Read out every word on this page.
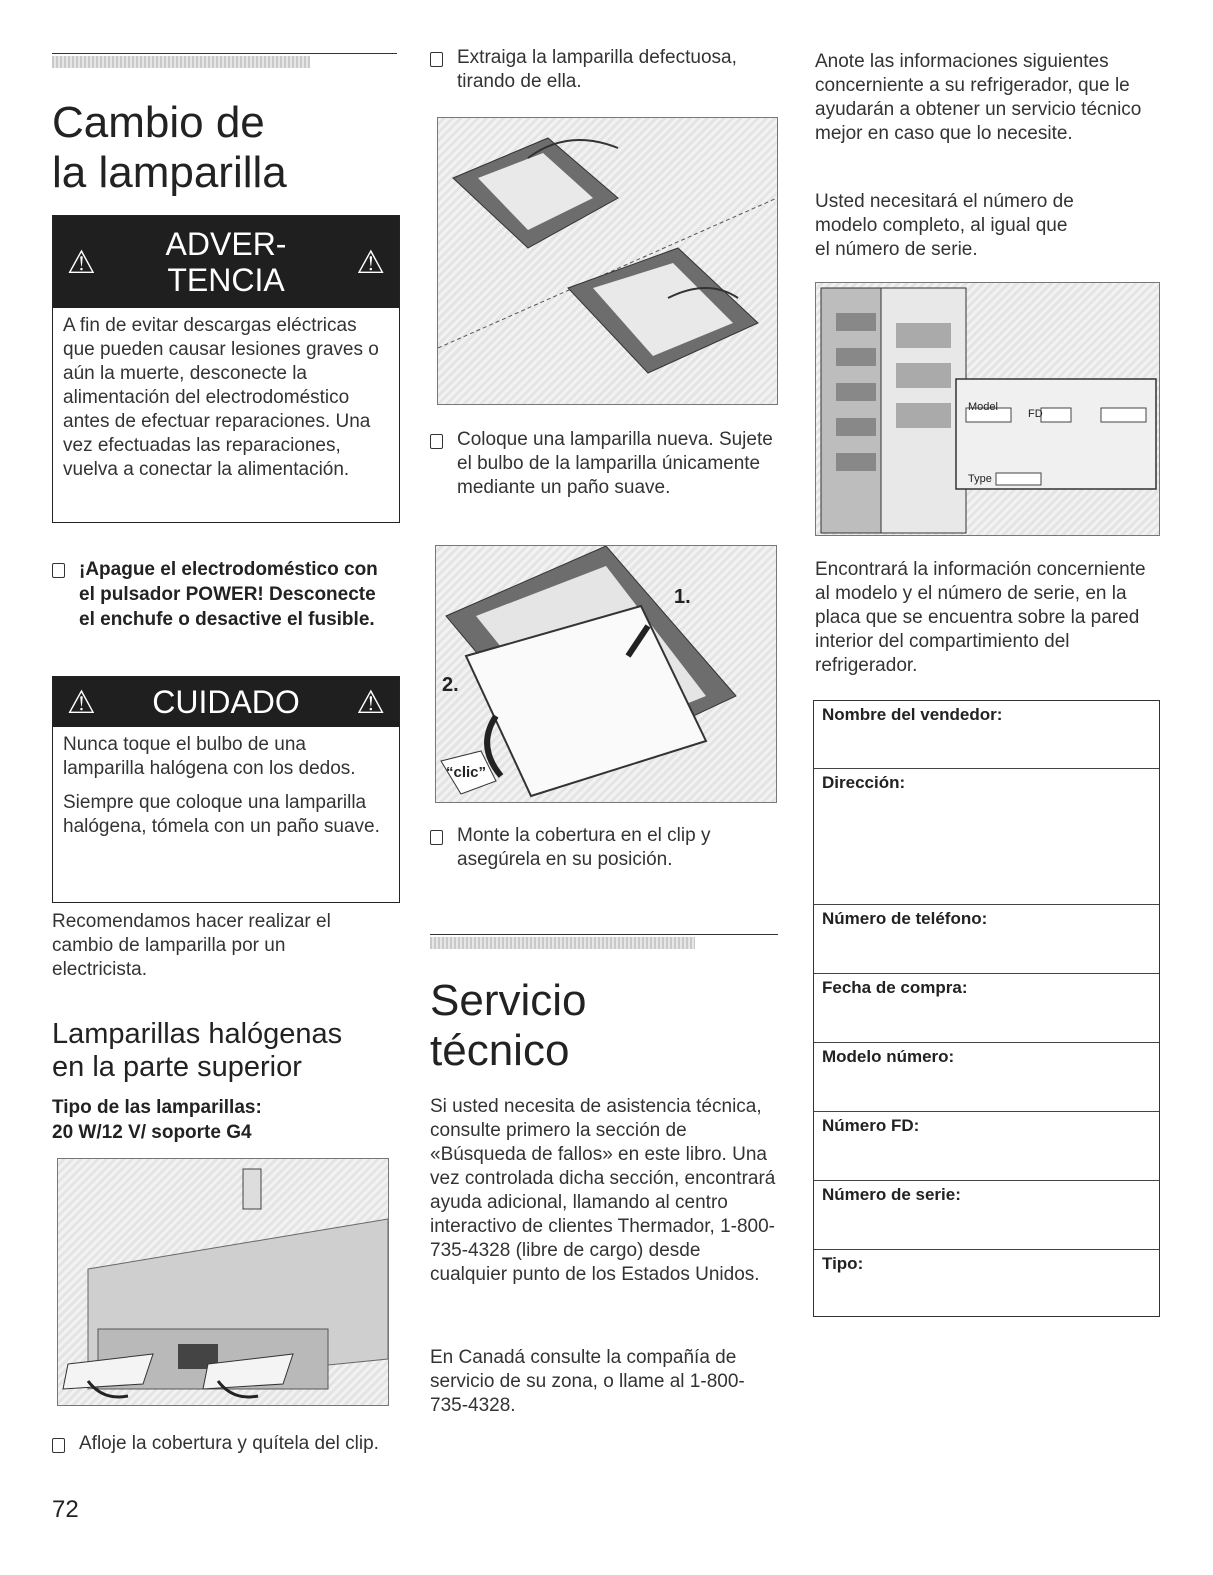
Cambio de
la lamparilla
⚠	ADVER-
TENCIA	⚠
A fin de evitar descargas eléctricas que pueden causar lesiones graves o aún la muerte, desconecte la alimentación del electrodoméstico antes de efectuar reparaciones. Una vez efectuadas las reparaciones, vuelva a conectar la alimentación.
¡Apague el electrodoméstico con el pulsador POWER! Desconecte el enchufe o desactive el fusible.
⚠	CUIDADO	⚠
Nunca toque el bulbo de una lamparilla halógena con los dedos.
Siempre que coloque una lamparilla halógena, tómela con un paño suave.
Recomendamos hacer realizar el cambio de lamparilla por un electricista.
Lamparillas halógenas
en la parte superior
Tipo de las lamparillas:
20 W/12 V/ soporte G4
Afloje la cobertura y quítela del clip.
72
Extraiga la lamparilla defectuosa, tirando de ella.
Coloque una lamparilla nueva. Sujete el bulbo de la lamparilla únicamente mediante un paño suave.
1.
2.
“clic”
Monte la cobertura en el clip y asegúrela en su posición.
Servicio
técnico
Si usted necesita de asistencia técnica, consulte primero la sección de «Búsqueda de fallos» en este libro. Una vez controlada dicha sección, encontrará ayuda adicional, llamando al centro interactivo de clientes Thermador, 1-800-735-4328 (libre de cargo) desde cualquier punto de los Estados Unidos.
En Canadá consulte la compañía de servicio de su zona, o llame al 1-800-735-4328.
Anote las informaciones siguientes concerniente a su refrigerador, que le ayudarán a obtener un servicio técnico mejor en caso que lo necesite.
Usted necesitará el número de modelo completo, al igual que el número de serie.
Model
FD
Type
Encontrará la información concerniente al modelo y el número de serie, en la placa que se encuentra sobre la pared interior del compartimiento del refrigerador.
Nombre del vendedor:
Dirección:
Número de teléfono:
Fecha de compra:
Modelo número:
Número FD:
Número de serie:
Tipo:
